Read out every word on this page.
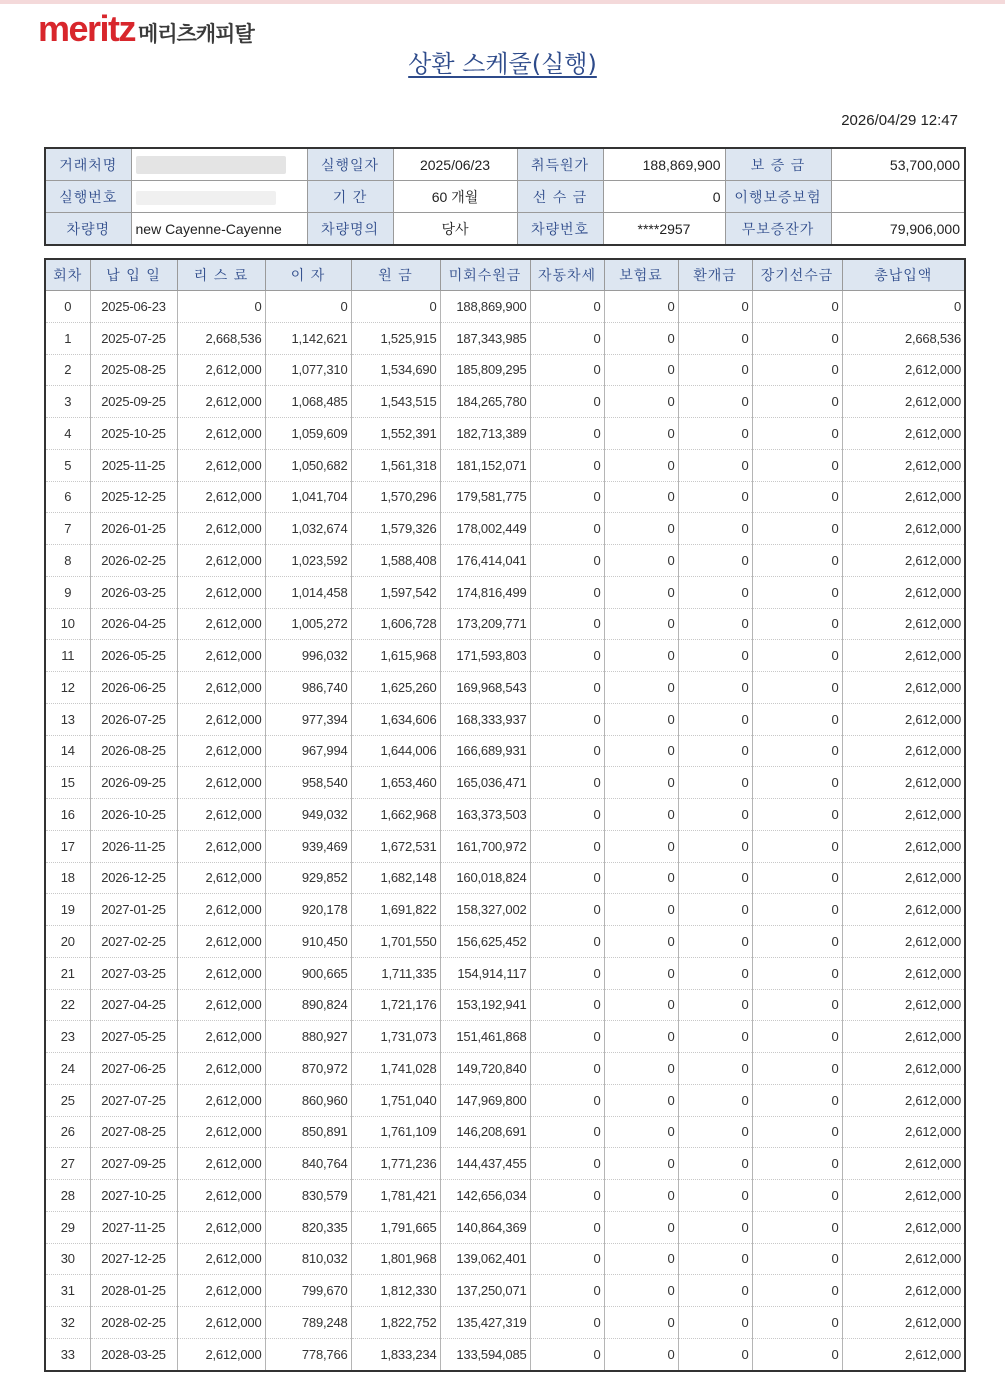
meritz 메리츠캐피탈
상환 스케줄(실행)
2026/04/29 12:47
거래처명		실행일자	2025/06/23	취득원가	188,869,900	보 증 금	53,700,000
실행번호		기 간	60 개월	선 수 금	0	이행보증보험	
차량명	new Cayenne-Cayenne	차량명의	당사	차량번호	****2957	무보증잔가	79,906,000
회차	납 입 일	리 스 료	이 자	원 금	미회수원금	자동차세	보험료	환개금	장기선수금	총납입액
0	2025-06-23	0	0	0	188,869,900	0	0	0	0	0
1	2025-07-25	2,668,536	1,142,621	1,525,915	187,343,985	0	0	0	0	2,668,536
2	2025-08-25	2,612,000	1,077,310	1,534,690	185,809,295	0	0	0	0	2,612,000
3	2025-09-25	2,612,000	1,068,485	1,543,515	184,265,780	0	0	0	0	2,612,000
4	2025-10-25	2,612,000	1,059,609	1,552,391	182,713,389	0	0	0	0	2,612,000
5	2025-11-25	2,612,000	1,050,682	1,561,318	181,152,071	0	0	0	0	2,612,000
6	2025-12-25	2,612,000	1,041,704	1,570,296	179,581,775	0	0	0	0	2,612,000
7	2026-01-25	2,612,000	1,032,674	1,579,326	178,002,449	0	0	0	0	2,612,000
8	2026-02-25	2,612,000	1,023,592	1,588,408	176,414,041	0	0	0	0	2,612,000
9	2026-03-25	2,612,000	1,014,458	1,597,542	174,816,499	0	0	0	0	2,612,000
10	2026-04-25	2,612,000	1,005,272	1,606,728	173,209,771	0	0	0	0	2,612,000
11	2026-05-25	2,612,000	996,032	1,615,968	171,593,803	0	0	0	0	2,612,000
12	2026-06-25	2,612,000	986,740	1,625,260	169,968,543	0	0	0	0	2,612,000
13	2026-07-25	2,612,000	977,394	1,634,606	168,333,937	0	0	0	0	2,612,000
14	2026-08-25	2,612,000	967,994	1,644,006	166,689,931	0	0	0	0	2,612,000
15	2026-09-25	2,612,000	958,540	1,653,460	165,036,471	0	0	0	0	2,612,000
16	2026-10-25	2,612,000	949,032	1,662,968	163,373,503	0	0	0	0	2,612,000
17	2026-11-25	2,612,000	939,469	1,672,531	161,700,972	0	0	0	0	2,612,000
18	2026-12-25	2,612,000	929,852	1,682,148	160,018,824	0	0	0	0	2,612,000
19	2027-01-25	2,612,000	920,178	1,691,822	158,327,002	0	0	0	0	2,612,000
20	2027-02-25	2,612,000	910,450	1,701,550	156,625,452	0	0	0	0	2,612,000
21	2027-03-25	2,612,000	900,665	1,711,335	154,914,117	0	0	0	0	2,612,000
22	2027-04-25	2,612,000	890,824	1,721,176	153,192,941	0	0	0	0	2,612,000
23	2027-05-25	2,612,000	880,927	1,731,073	151,461,868	0	0	0	0	2,612,000
24	2027-06-25	2,612,000	870,972	1,741,028	149,720,840	0	0	0	0	2,612,000
25	2027-07-25	2,612,000	860,960	1,751,040	147,969,800	0	0	0	0	2,612,000
26	2027-08-25	2,612,000	850,891	1,761,109	146,208,691	0	0	0	0	2,612,000
27	2027-09-25	2,612,000	840,764	1,771,236	144,437,455	0	0	0	0	2,612,000
28	2027-10-25	2,612,000	830,579	1,781,421	142,656,034	0	0	0	0	2,612,000
29	2027-11-25	2,612,000	820,335	1,791,665	140,864,369	0	0	0	0	2,612,000
30	2027-12-25	2,612,000	810,032	1,801,968	139,062,401	0	0	0	0	2,612,000
31	2028-01-25	2,612,000	799,670	1,812,330	137,250,071	0	0	0	0	2,612,000
32	2028-02-25	2,612,000	789,248	1,822,752	135,427,319	0	0	0	0	2,612,000
33	2028-03-25	2,612,000	778,766	1,833,234	133,594,085	0	0	0	0	2,612,000
